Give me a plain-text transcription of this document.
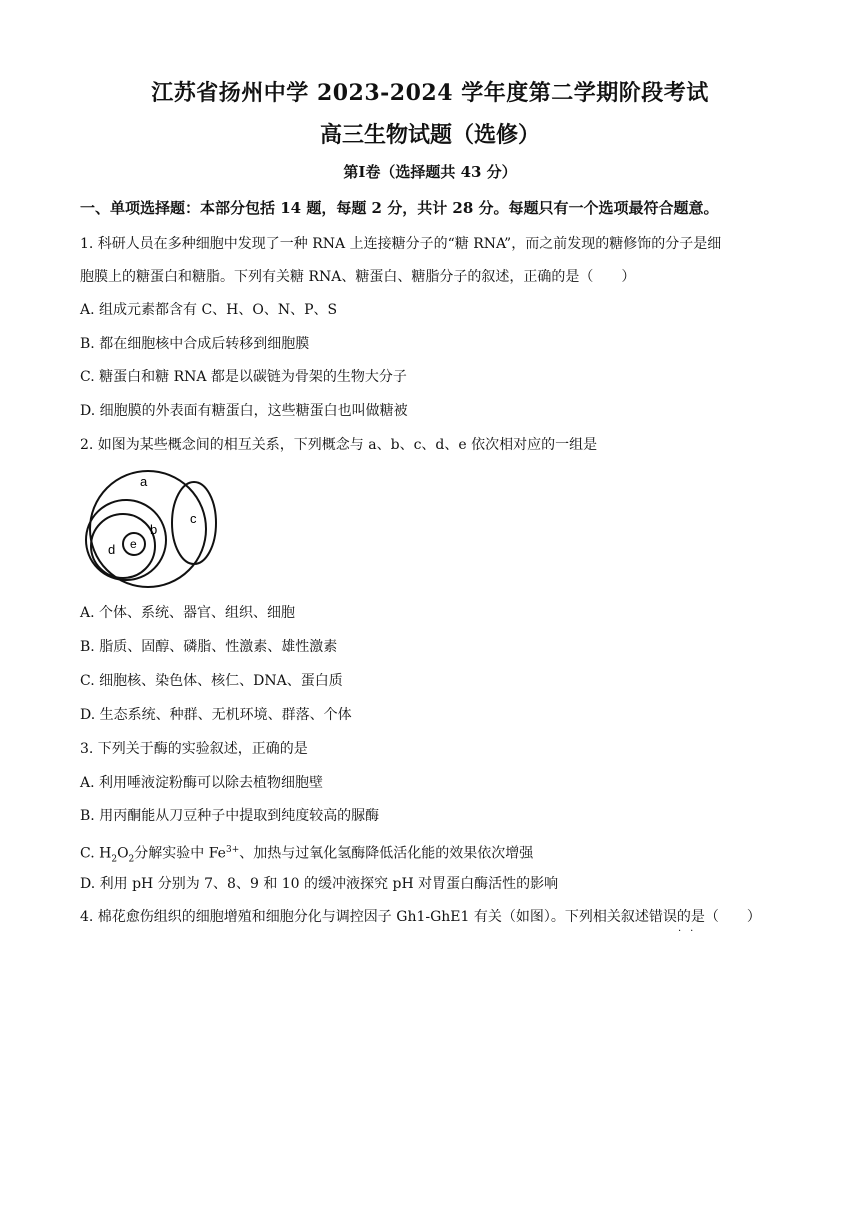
江苏省扬州中学 2023-2024 学年度第二学期阶段考试
高三生物试题（选修）
第Ⅰ卷（选择题共 43 分）
一、单项选择题：本部分包括 14 题，每题 2 分，共计 28 分。每题只有一个选项最符合题意。
1. 科研人员在多种细胞中发现了一种 RNA 上连接糖分子的“糖 RNA”，而之前发现的糖修饰的分子是细
胞膜上的糖蛋白和糖脂。下列有关糖 RNA、糖蛋白、糖脂分子的叙述，正确的是（　　）
A. 组成元素都含有 C、H、O、N、P、S
B. 都在细胞核中合成后转移到细胞膜
C. 糖蛋白和糖 RNA 都是以碳链为骨架的生物大分子
D. 细胞膜的外表面有糖蛋白，这些糖蛋白也叫做糖被
2. 如图为某些概念间的相互关系，下列概念与 a、b、c、d、e 依次相对应的一组是
a
b
c
d e
A. 个体、系统、器官、组织、细胞
B. 脂质、固醇、磷脂、性激素、雄性激素
C. 细胞核、染色体、核仁、DNA、蛋白质
D. 生态系统、种群、无机环境、群落、个体
3. 下列关于酶的实验叙述，正确的是
A. 利用唾液淀粉酶可以除去植物细胞壁
B. 用丙酮能从刀豆种子中提取到纯度较高的脲酶
C. $H_2O_2$分解实验中 $Fe^{3+}$、加热与过氧化氢酶降低活化能的效果依次增强
D. 利用 pH 分别为 7、8、9 和 10 的缓冲液探究 pH 对胃蛋白酶活性的影响
4. 棉花愈伤组织的细胞增殖和细胞分化与调控因子 Gh1-GhE1 有关（如图）。下列相关叙述错误的是（　　）
··
